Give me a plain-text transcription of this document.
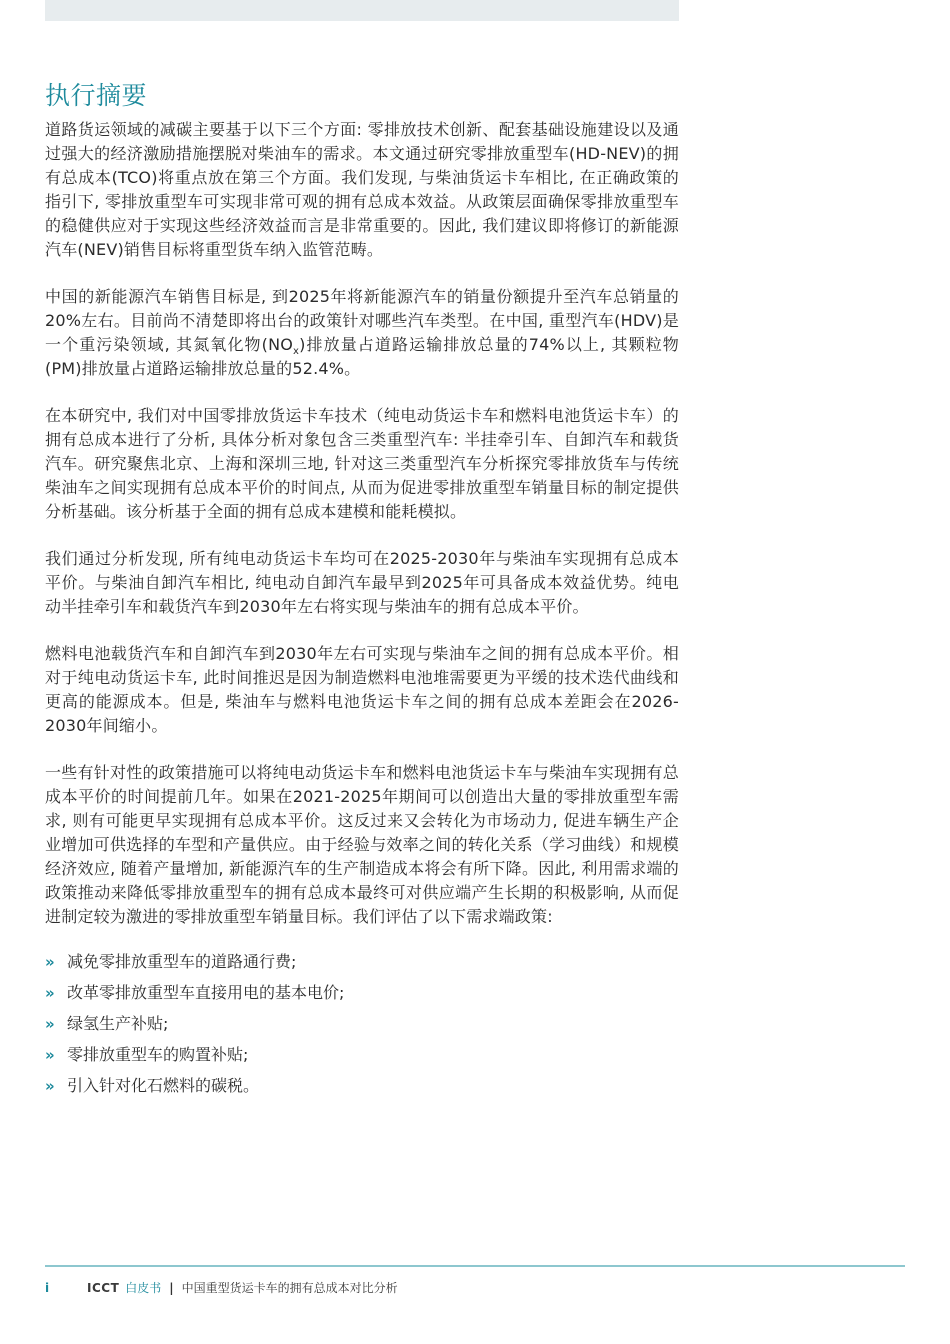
执行摘要

道路货运领域的减碳主要基于以下三个方面: 零排放技术创新、配套基础设施建设以及通过强大的经济激励措施摆脱对柴油车的需求。本文通过研究零排放重型车(HD-NEV)的拥有总成本(TCO)将重点放在第三个方面。我们发现, 与柴油货运卡车相比, 在正确政策的指引下, 零排放重型车可实现非常可观的拥有总成本效益。从政策层面确保零排放重型车的稳健供应对于实现这些经济效益而言是非常重要的。因此, 我们建议即将修订的新能源汽车(NEV)销售目标将重型货车纳入监管范畴。

中国的新能源汽车销售目标是, 到2025年将新能源汽车的销量份额提升至汽车总销量的20%左右。目前尚不清楚即将出台的政策针对哪些汽车类型。在中国, 重型汽车(HDV)是一个重污染领域, 其氮氧化物$(NO_x)$排放量占道路运输排放总量的74%以上, 其颗粒物(PM)排放量占道路运输排放总量的52.4%。

在本研究中, 我们对中国零排放货运卡车技术（纯电动货运卡车和燃料电池货运卡车）的拥有总成本进行了分析, 具体分析对象包含三类重型汽车: 半挂牵引车、自卸汽车和载货汽车。研究聚焦北京、上海和深圳三地, 针对这三类重型汽车分析探究零排放货车与传统柴油车之间实现拥有总成本平价的时间点, 从而为促进零排放重型车销量目标的制定提供分析基础。该分析基于全面的拥有总成本建模和能耗模拟。

我们通过分析发现, 所有纯电动货运卡车均可在2025-2030年与柴油车实现拥有总成本平价。与柴油自卸汽车相比, 纯电动自卸汽车最早到2025年可具备成本效益优势。纯电动半挂牵引车和载货汽车到2030年左右将实现与柴油车的拥有总成本平价。

燃料电池载货汽车和自卸汽车到2030年左右可实现与柴油车之间的拥有总成本平价。相对于纯电动货运卡车, 此时间推迟是因为制造燃料电池堆需要更为平缓的技术迭代曲线和更高的能源成本。但是, 柴油车与燃料电池货运卡车之间的拥有总成本差距会在2026-2030年间缩小。

一些有针对性的政策措施可以将纯电动货运卡车和燃料电池货运卡车与柴油车实现拥有总成本平价的时间提前几年。如果在2021-2025年期间可以创造出大量的零排放重型车需求, 则有可能更早实现拥有总成本平价。这反过来又会转化为市场动力, 促进车辆生产企业增加可供选择的车型和产量供应。由于经验与效率之间的转化关系（学习曲线）和规模经济效应, 随着产量增加, 新能源汽车的生产制造成本将会有所下降。因此, 利用需求端的政策推动来降低零排放重型车的拥有总成本最终可对供应端产生长期的积极影响, 从而促进制定较为激进的零排放重型车销量目标。我们评估了以下需求端政策:

» 减免零排放重型车的道路通行费;
» 改革零排放重型车直接用电的基本电价;
» 绿氢生产补贴;
» 零排放重型车的购置补贴;
» 引入针对化石燃料的碳税。
i	ICCT 白皮书 | 中国重型货运卡车的拥有总成本对比分析
